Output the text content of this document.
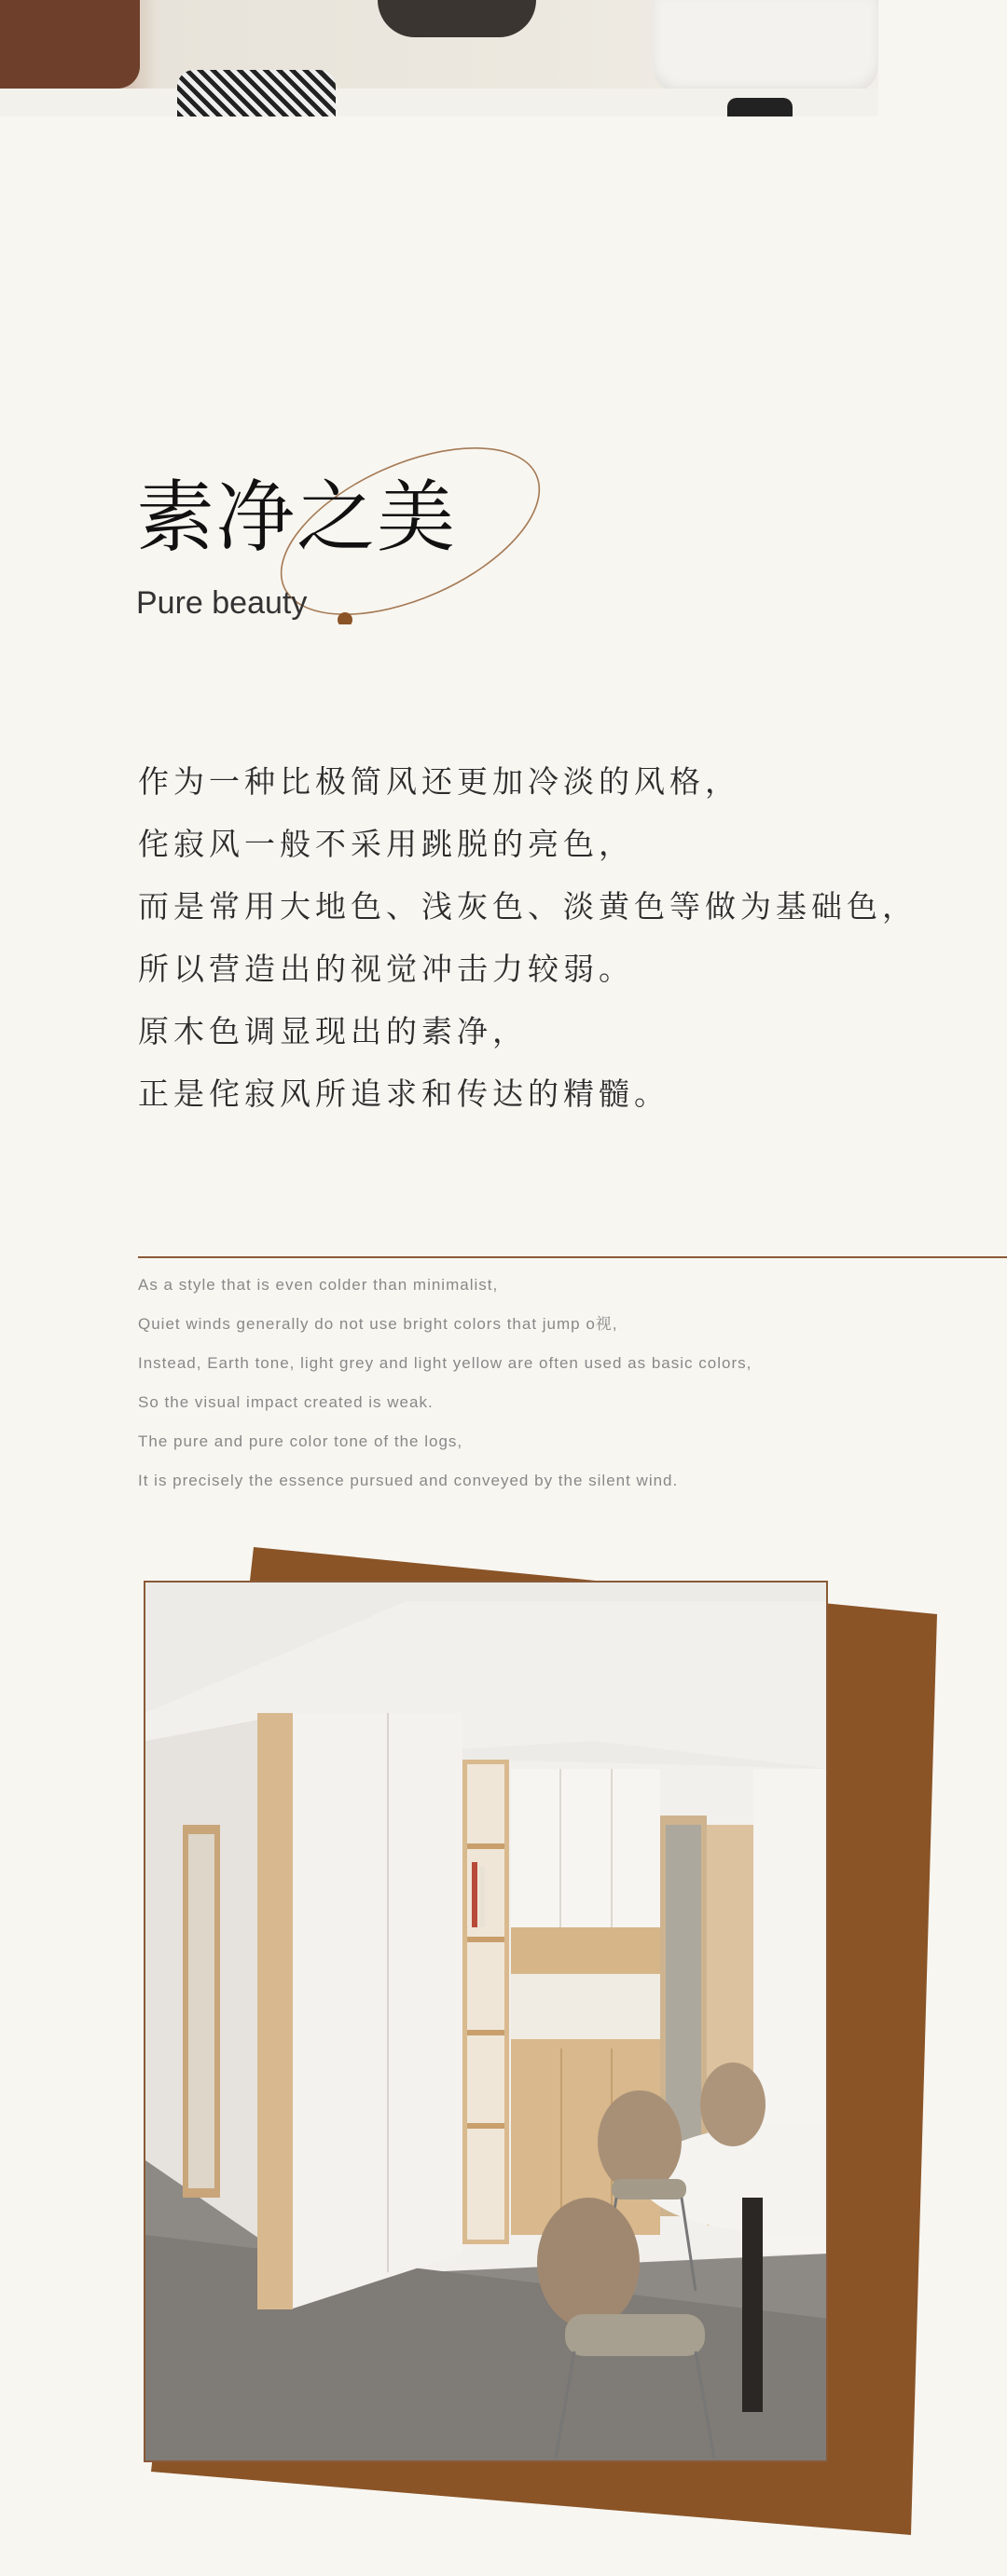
素净之美

Pure beauty

作为一种比极简风还更加冷淡的风格，
侘寂风一般不采用跳脱的亮色，
而是常用大地色、浅灰色、淡黄色等做为基础色，
所以营造出的视觉冲击力较弱。
原木色调显现出的素净，
正是侘寂风所追求和传达的精髓。
As a style that is even colder than minimalist,
Quiet winds generally do not use bright colors that jump o视,
Instead, Earth tone, light grey and light yellow are often used as basic colors,
So the visual impact created is weak.
The pure and pure color tone of the logs,
It is precisely the essence pursued and conveyed by the silent wind.
